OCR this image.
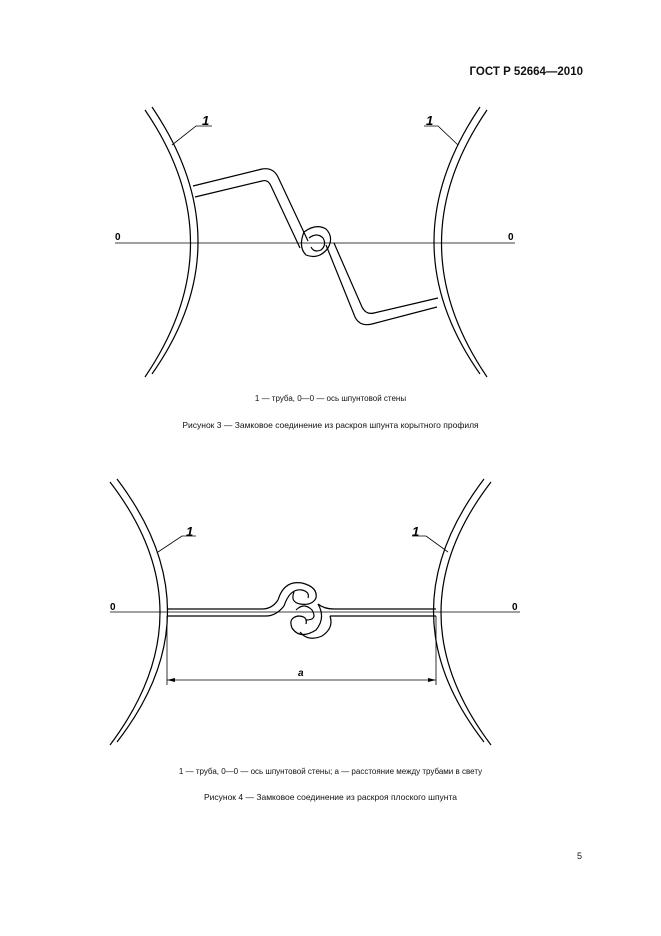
ГОСТ Р 52664—2010
1	1
0	0
1 — труба, 0—0 — ось шпунтовой стены
Рисунок 3 — Замковое соединение из раскроя шпунта корытного профиля
1	1
0	0
a
1 — труба, 0—0 — ось шпунтовой стены; a — расстояние между трубами в свету
Рисунок 4 — Замковое соединение из раскроя плоского шпунта
5
